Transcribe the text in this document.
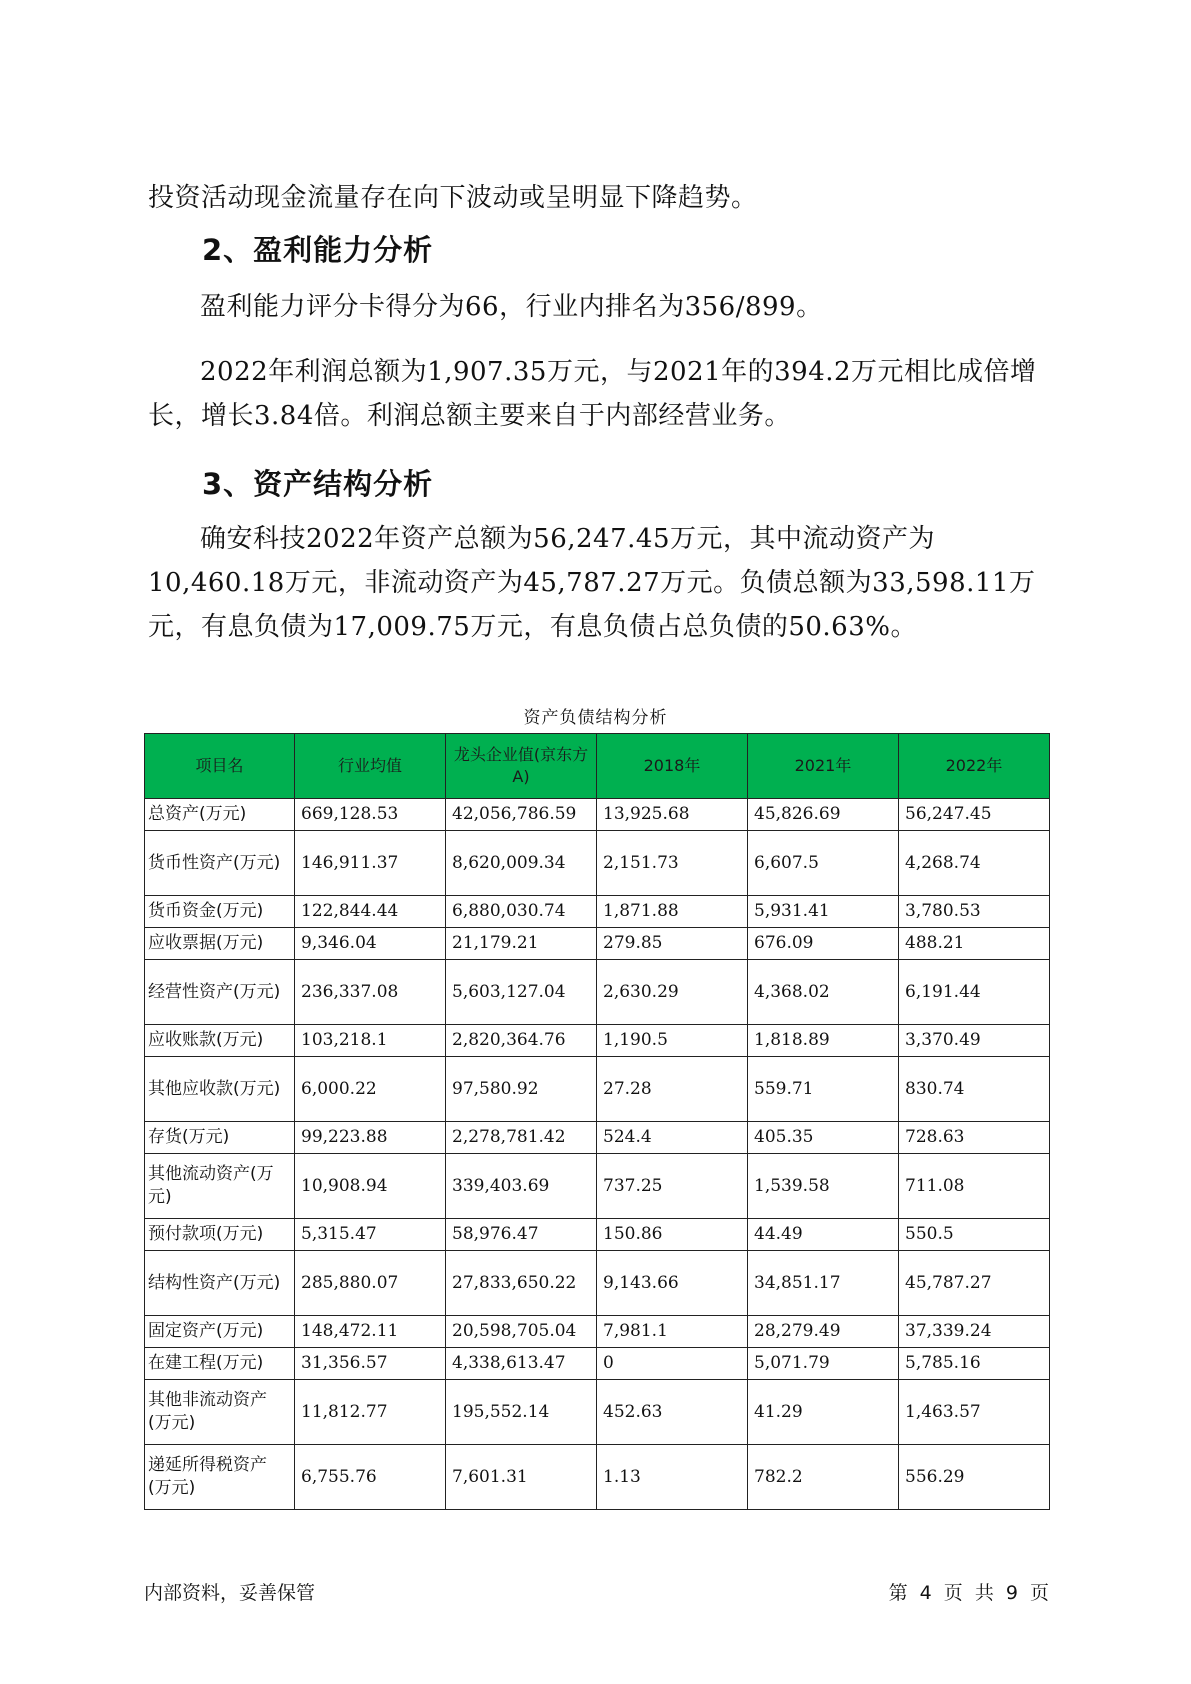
投资活动现金流量存在向下波动或呈明显下降趋势。
2、盈利能力分析
盈利能力评分卡得分为66，行业内排名为356/899。
2022年利润总额为1,907.35万元，与2021年的394.2万元相比成倍增长，增长3.84倍。利润总额主要来自于内部经营业务。
3、资产结构分析
确安科技2022年资产总额为56,247.45万元，其中流动资产为10,460.18万元，非流动资产为45,787.27万元。负债总额为33,598.11万元，有息负债为17,009.75万元，有息负债占总负债的50.63%。
资产负债结构分析
项目名	行业均值	龙头企业值(京东方A)	2018年	2021年	2022年
总资产(万元)	669,128.53	42,056,786.59	13,925.68	45,826.69	56,247.45
货币性资产(万元)	146,911.37	8,620,009.34	2,151.73	6,607.5	4,268.74
货币资金(万元)	122,844.44	6,880,030.74	1,871.88	5,931.41	3,780.53
应收票据(万元)	9,346.04	21,179.21	279.85	676.09	488.21
经营性资产(万元)	236,337.08	5,603,127.04	2,630.29	4,368.02	6,191.44
应收账款(万元)	103,218.1	2,820,364.76	1,190.5	1,818.89	3,370.49
其他应收款(万元)	6,000.22	97,580.92	27.28	559.71	830.74
存货(万元)	99,223.88	2,278,781.42	524.4	405.35	728.63
其他流动资产(万元)	10,908.94	339,403.69	737.25	1,539.58	711.08
预付款项(万元)	5,315.47	58,976.47	150.86	44.49	550.5
结构性资产(万元)	285,880.07	27,833,650.22	9,143.66	34,851.17	45,787.27
固定资产(万元)	148,472.11	20,598,705.04	7,981.1	28,279.49	37,339.24
在建工程(万元)	31,356.57	4,338,613.47	0	5,071.79	5,785.16
其他非流动资产(万元)	11,812.77	195,552.14	452.63	41.29	1,463.57
递延所得税资产(万元)	6,755.76	7,601.31	1.13	782.2	556.29
内部资料，妥善保管	第 4 页 共 9 页
